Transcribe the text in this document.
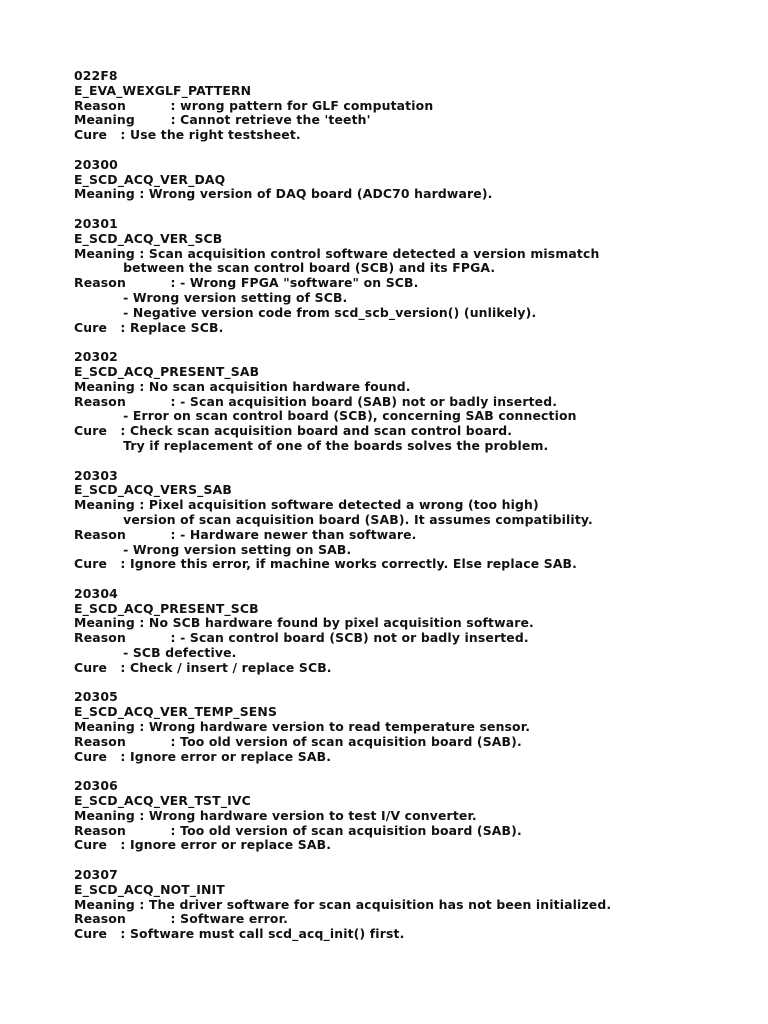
022F8
E_EVA_WEXGLF_PATTERN
Reason          : wrong pattern for GLF computation
Meaning        : Cannot retrieve the 'teeth'
Cure   : Use the right testsheet.
20300
E_SCD_ACQ_VER_DAQ
Meaning : Wrong version of DAQ board (ADC70 hardware).
20301
E_SCD_ACQ_VER_SCB
Meaning : Scan acquisition control software detected a version mismatch
between the scan control board (SCB) and its FPGA.
Reason          : - Wrong FPGA "software" on SCB.
- Wrong version setting of SCB.
- Negative version code from scd_scb_version() (unlikely).
Cure   : Replace SCB.
20302
E_SCD_ACQ_PRESENT_SAB
Meaning : No scan acquisition hardware found.
Reason          : - Scan acquisition board (SAB) not or badly inserted.
- Error on scan control board (SCB), concerning SAB connection
Cure   : Check scan acquisition board and scan control board.
Try if replacement of one of the boards solves the problem.
20303
E_SCD_ACQ_VERS_SAB
Meaning : Pixel acquisition software detected a wrong (too high)
version of scan acquisition board (SAB). It assumes compatibility.
Reason          : - Hardware newer than software.
- Wrong version setting on SAB.
Cure   : Ignore this error, if machine works correctly. Else replace SAB.
20304
E_SCD_ACQ_PRESENT_SCB
Meaning : No SCB hardware found by pixel acquisition software.
Reason          : - Scan control board (SCB) not or badly inserted.
- SCB defective.
Cure   : Check / insert / replace SCB.
20305
E_SCD_ACQ_VER_TEMP_SENS
Meaning : Wrong hardware version to read temperature sensor.
Reason          : Too old version of scan acquisition board (SAB).
Cure   : Ignore error or replace SAB.
20306
E_SCD_ACQ_VER_TST_IVC
Meaning : Wrong hardware version to test I/V converter.
Reason          : Too old version of scan acquisition board (SAB).
Cure   : Ignore error or replace SAB.
20307
E_SCD_ACQ_NOT_INIT
Meaning : The driver software for scan acquisition has not been initialized.
Reason          : Software error.
Cure   : Software must call scd_acq_init() first.
